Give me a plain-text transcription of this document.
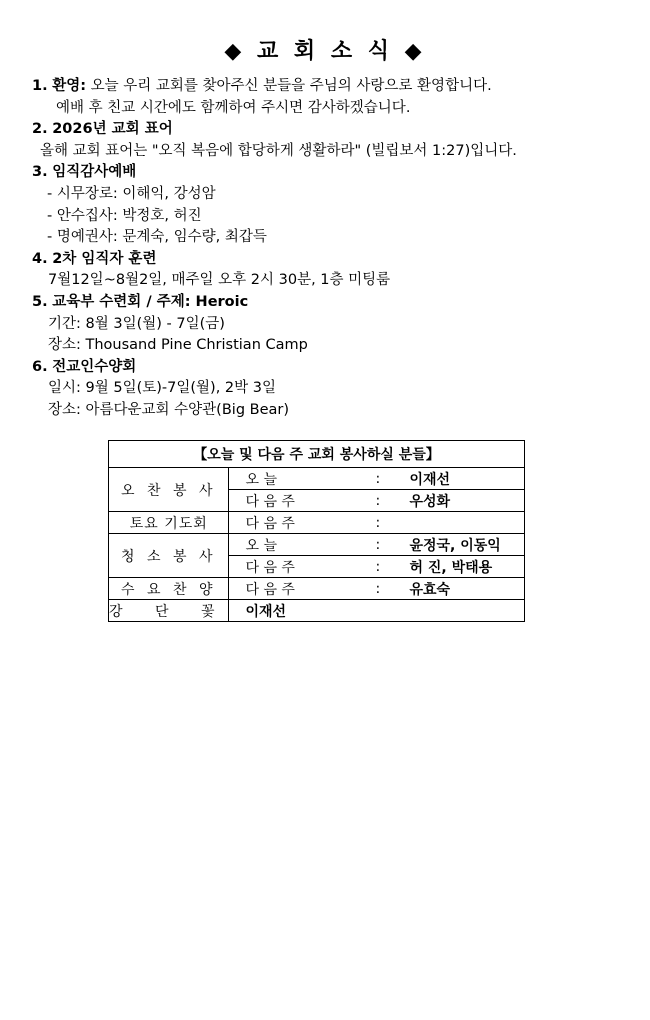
◆ 교 회 소 식 ◆
1. 환영: 오늘 우리 교회를 찾아주신 분들을 주님의 사랑으로 환영합니다.
예배 후 친교 시간에도 함께하여 주시면 감사하겠습니다.
2. 2026년 교회 표어
올해 교회 표어는 "오직 복음에 합당하게 생활하라" (빌립보서 1:27)입니다.
3. 임직감사예배
- 시무장로: 이해익, 강성암
- 안수집사: 박정호, 허진
- 명예권사: 문계숙, 임수량, 최갑득
4. 2차 임직자 훈련
7월12일~8월2일, 매주일 오후 2시 30분, 1층 미팅룸
5. 교육부 수련회 / 주제: Heroic
기간: 8월 3일(월) - 7일(금)
장소: Thousand Pine Christian Camp
6. 전교인수양회
일시: 9월 5일(토)-7일(월), 2박 3일
장소: 아름다운교회 수양관(Big Bear)
【오늘 및 다음 주 교회 봉사하실 분들】			
오 찬 봉 사	오 늘	:	이재선
	다 음 주	:	우성화
토요 기도회	다 음 주	:	
청 소 봉 사	오 늘	:	윤정국, 이동익
	다 음 주	:	허 진, 박태용
수 요 찬 양	다 음 주	:	유효숙
강 단 꽃	이재선		
